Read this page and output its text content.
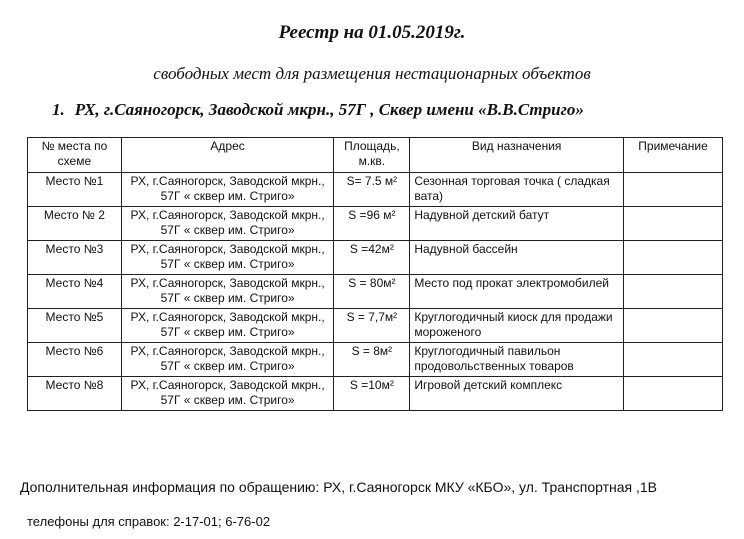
Реестр на 01.05.2019г.
свободных мест для размещения нестационарных объектов
1. РХ, г.Саяногорск, Заводской мкрн., 57Г , Сквер имени «В.В.Стриго»
№ места по схеме	Адрес	Площадь, м.кв.	Вид назначения	Примечание
Место №1	РХ, г.Саяногорск, Заводской мкрн., 57Г « сквер им. Стриго»	S= 7.5 м²	Сезонная торговая точка ( сладкая вата)	
Место № 2	РХ, г.Саяногорск, Заводской мкрн., 57Г « сквер им. Стриго»	S =96 м²	Надувной детский батут	
Место №3	РХ, г.Саяногорск, Заводской мкрн., 57Г « сквер им. Стриго»	S =42м²	Надувной бассейн	
Место №4	РХ, г.Саяногорск, Заводской мкрн., 57Г « сквер им. Стриго»	S = 80м²	Место под прокат электромобилей	
Место №5	РХ, г.Саяногорск, Заводской мкрн., 57Г « сквер им. Стриго»	S = 7,7м²	Круглогодичный киоск для продажи мороженого	
Место №6	РХ, г.Саяногорск, Заводской мкрн., 57Г « сквер им. Стриго»	S = 8м²	Круглогодичный павильон продовольственных товаров	
Место №8	РХ, г.Саяногорск, Заводской мкрн., 57Г « сквер им. Стриго»	S =10м²	Игровой детский комплекс	
Дополнительная информация по обращению: РХ, г.Саяногорск МКУ «КБО», ул. Транспортная ,1В
телефоны для справок: 2-17-01; 6-76-02
